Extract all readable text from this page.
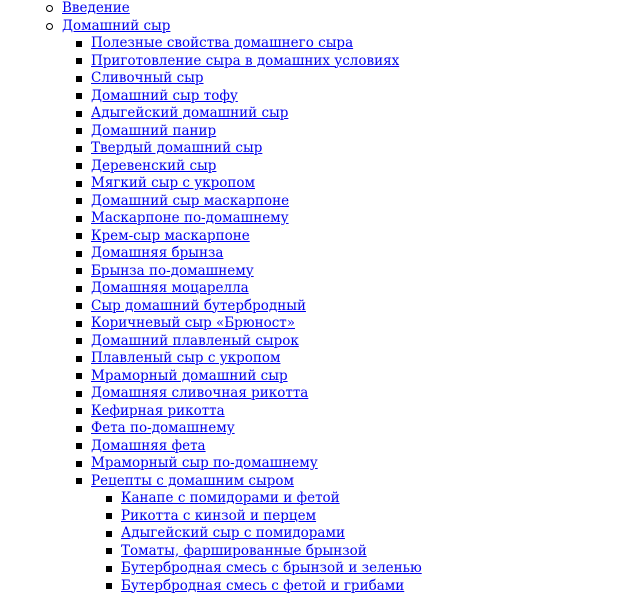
Введение
Домашний сыр
Полезные свойства домашнего сыра
Приготовление сыра в домашних условиях
Сливочный сыр
Домашний сыр тофу
Адыгейский домашний сыр
Домашний панир
Твердый домашний сыр
Деревенский сыр
Мягкий сыр с укропом
Домашний сыр маскарпоне
Маскарпоне по-домашнему
Крем-сыр маскарпоне
Домашняя брынза
Брынза по-домашнему
Домашняя моцарелла
Сыр домашний бутербродный
Коричневый сыр «Брюност»
Домашний плавленый сырок
Плавленый сыр с укропом
Мраморный домашний сыр
Домашняя сливочная рикотта
Кефирная рикотта
Фета по-домашнему
Домашняя фета
Мраморный сыр по-домашнему
Рецепты с домашним сыром
Канапе с помидорами и фетой
Рикотта с кинзой и перцем
Адыгейский сыр с помидорами
Томаты, фаршированные брынзой
Бутербродная смесь с брынзой и зеленью
Бутербродная смесь с фетой и грибами
